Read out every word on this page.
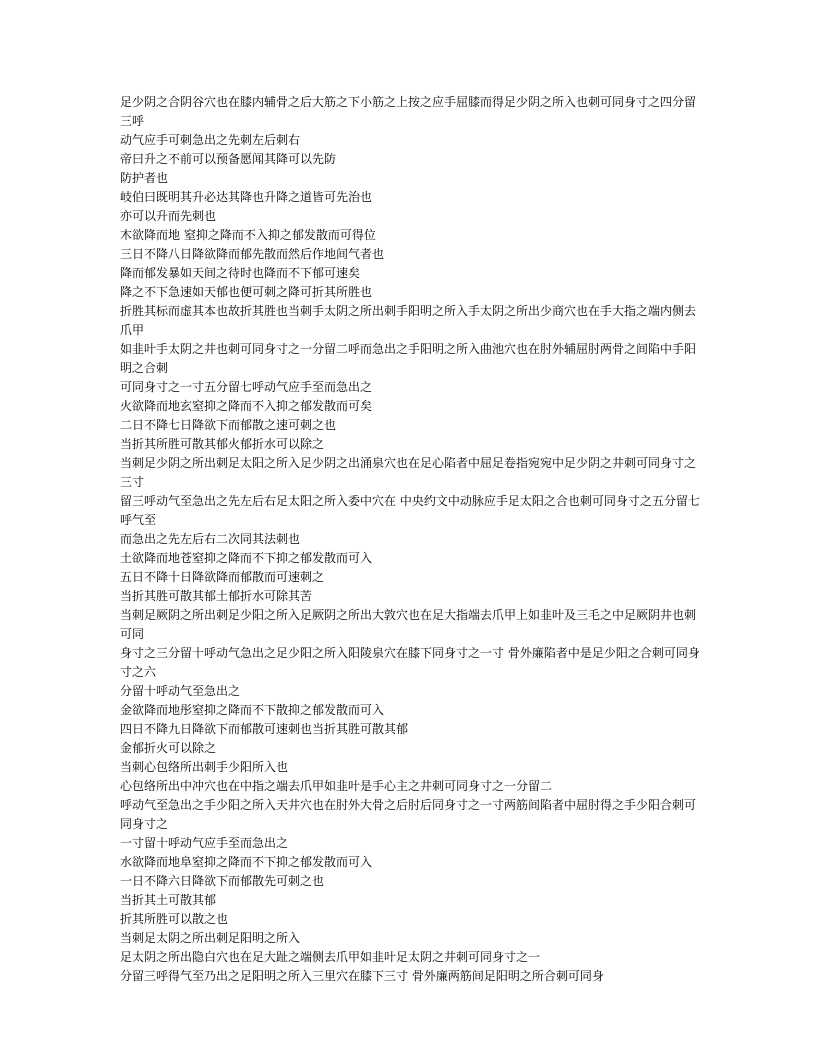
足少阴之合阴谷穴也在膝内辅骨之后大筋之下小筋之上按之应手屈膝而得足少阴之所入也刺可同身寸之四分留三呼
动气应手可刺急出之先刺左后刺右
帝曰升之不前可以预备愿闻其降可以先防
防护者也
岐伯曰既明其升必达其降也升降之道皆可先治也
亦可以升而先刺也
木欲降而地 窒抑之降而不入抑之郁发散而可得位
三日不降八日降欲降而郁先散而然后作地间气者也
降而郁发暴如天间之待时也降而不下郁可速矣
降之不下急速如天郁也便可刺之降可折其所胜也
折胜其标而虚其本也故折其胜也当刺手太阴之所出刺手阳明之所入手太阴之所出少商穴也在手大指之端内侧去爪甲
如韭叶手太阴之井也刺可同身寸之一分留二呼而急出之手阳明之所入曲池穴也在肘外辅屈肘两骨之间陷中手阳明之合刺
可同身寸之一寸五分留七呼动气应手至而急出之
火欲降而地玄窒抑之降而不入抑之郁发散而可矣
二日不降七日降欲下而郁散之速可刺之也
当折其所胜可散其郁火郁折水可以除之
当刺足少阴之所出刺足太阳之所入足少阴之出涌泉穴也在足心陷者中屈足卷指宛宛中足少阴之井刺可同身寸之三寸
留三呼动气至急出之先左后右足太阳之所入委中穴在 中央约文中动脉应手足太阳之合也刺可同身寸之五分留七呼气至
而急出之先左后右二次同其法刺也
土欲降而地苍窒抑之降而不下抑之郁发散而可入
五日不降十日降欲降而郁散而可速刺之
当折其胜可散其郁土郁折水可除其苦
当刺足厥阴之所出刺足少阳之所入足厥阴之所出大敦穴也在足大指端去爪甲上如韭叶及三毛之中足厥阴井也刺可同
身寸之三分留十呼动气急出之足少阳之所入阳陵泉穴在膝下同身寸之一寸 骨外廉陷者中是足少阳之合刺可同身寸之六
分留十呼动气至急出之
金欲降而地彤窒抑之降而不下散抑之郁发散而可入
四日不降九日降欲下而郁散可速刺也当折其胜可散其郁
金郁折火可以除之
当刺心包络所出刺手少阳所入也
心包络所出中冲穴也在中指之端去爪甲如韭叶是手心主之井刺可同身寸之一分留二
呼动气至急出之手少阳之所入天井穴也在肘外大骨之后肘后同身寸之一寸两筋间陷者中屈肘得之手少阳合刺可同身寸之
一寸留十呼动气应手至而急出之
水欲降而地阜窒抑之降而不下抑之郁发散而可入
一日不降六日降欲下而郁散先可刺之也
当折其土可散其郁
折其所胜可以散之也
当刺足太阴之所出刺足阳明之所入
足太阴之所出隐白穴也在足大趾之端侧去爪甲如韭叶足太阴之井刺可同身寸之一
分留三呼得气至乃出之足阳明之所入三里穴在膝下三寸 骨外廉两筋间足阳明之所合刺可同身
